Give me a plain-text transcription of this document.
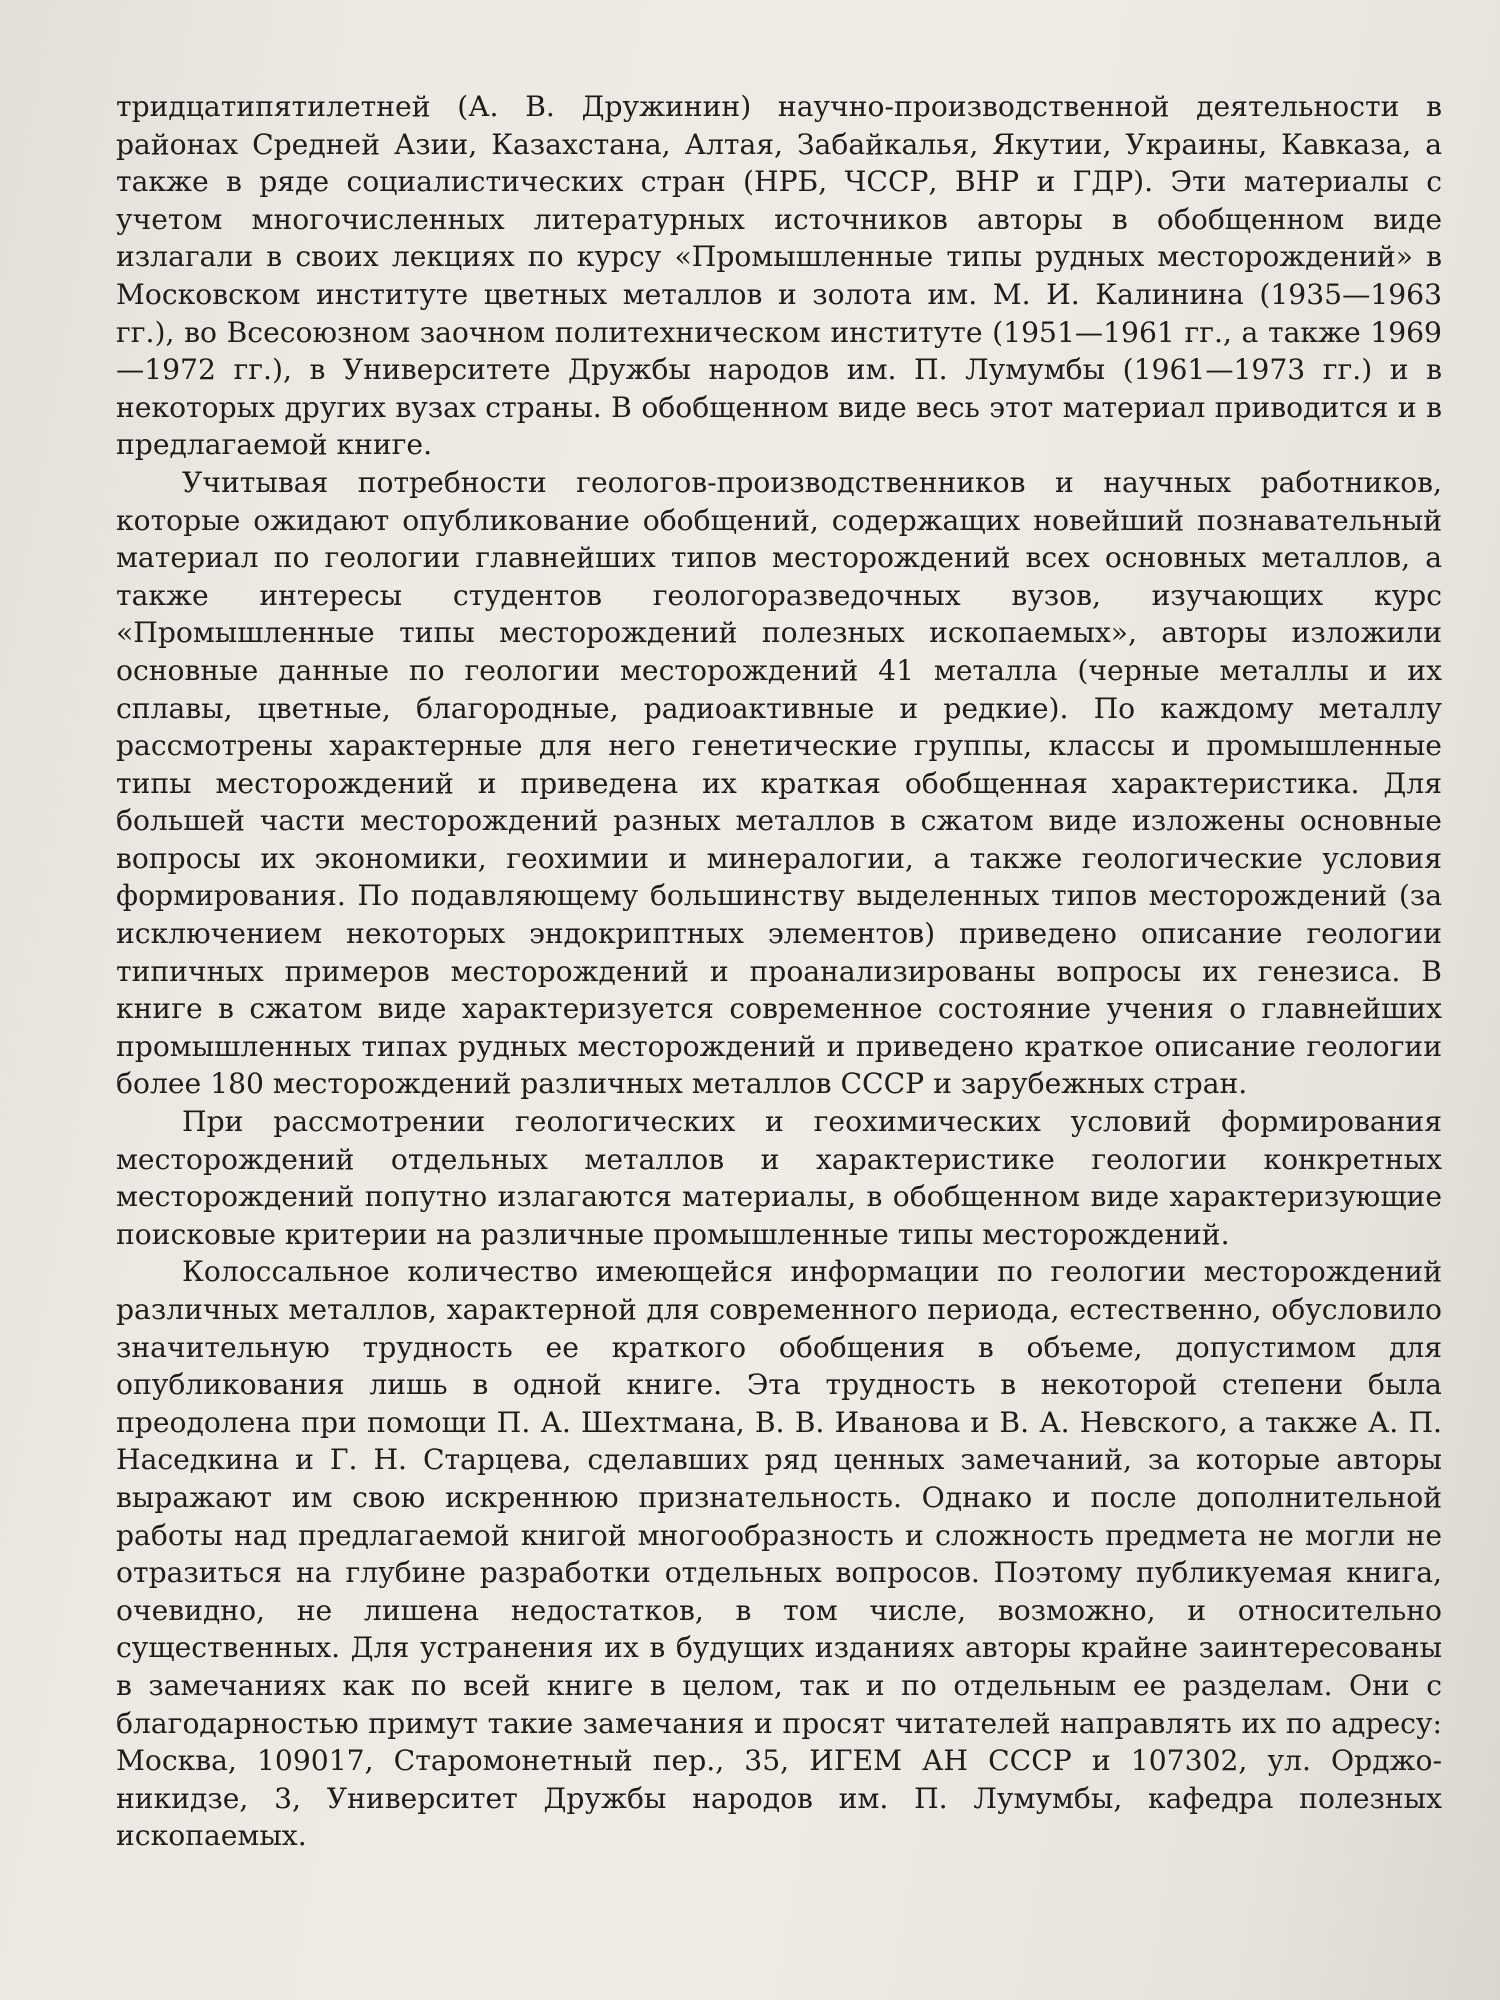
тридцатипятилетней (А. В. Дружинин) научно-производственной деятельности в районах Средней Азии, Казахстана, Алтая, Забайкалья, Якутии, Украины, Кавказа, а также в ряде социалистических стран (НРБ, ЧССР, ВНР и ГДР). Эти материалы с учетом многочисленных литературных источников авторы в обобщенном виде излагали в своих лекциях по курсу «Промышленные типы рудных месторождений» в Московском институте цветных металлов и золота им. М. И. Калинина (1935—1963 гг.), во Всесоюзном заочном политехническом институте (1951—1961 гг., а также 1969—1972 гг.), в Университете Дружбы народов им. П. Лумумбы (1961—1973 гг.) и в некоторых других вузах страны. В обобщенном виде весь этот материал приводится и в предлагаемой книге.

Учитывая потребности геологов-производственников и научных работников, которые ожидают опубликование обобщений, содержащих новейший познавательный материал по геологии главнейших типов месторождений всех основных металлов, а также интересы студентов геологоразведочных вузов, изучающих курс «Промышленные типы месторождений полезных ископаемых», авторы изложили основные данные по геологии месторождений 41 металла (черные металлы и их сплавы, цветные, благородные, радиоактивные и редкие). По каждому металлу рассмотрены характерные для него генетические группы, классы и промышленные типы месторождений и приведена их краткая обобщенная характеристика. Для большей части месторождений разных металлов в сжатом виде изложены основные вопросы их экономики, геохимии и минералогии, а также геологические условия формирования. По подавляющему большинству выделенных типов месторождений (за исключением некоторых эндокриптных элементов) приведено описание геологии типичных примеров месторождений и проанализированы вопросы их генезиса. В книге в сжатом виде характеризуется современное состояние учения о главнейших промышленных типах рудных месторождений и приведено краткое описание геологии более 180 месторождений различных металлов СССР и зарубежных стран.

При рассмотрении геологических и геохимических условий формирования месторождений отдельных металлов и характеристике геологии конкретных месторождений попутно излагаются материалы, в обобщенном виде характеризующие поисковые критерии на различные промышленные типы месторождений.

Колоссальное количество имеющейся информации по геологии месторождений различных металлов, характерной для современного периода, естественно, обусловило значительную трудность ее краткого обобщения в объеме, допустимом для опубликования лишь в одной книге. Эта трудность в некоторой степени была преодолена при помощи П. А. Шехтмана, В. В. Иванова и В. А. Невского, а также А. П. Наседкина и Г. Н. Старцева, сделавших ряд ценных замечаний, за которые авторы выражают им свою искреннюю признательность. Однако и после дополнительной работы над предлагаемой книгой многообразность и сложность предмета не могли не отразиться на глубине разработки отдельных вопросов. Поэтому публикуемая книга, очевидно, не лишена недостатков, в том числе, возможно, и относительно существенных. Для устранения их в будущих изданиях авторы крайне заинтересованы в замечаниях как по всей книге в целом, так и по отдельным ее разделам. Они с благодарностью примут такие замечания и просят читателей направлять их по адресу: Москва, 109017, Старомонетный пер., 35, ИГЕМ АН СССР и 107302, ул. Орджоникидзе, 3, Университет Дружбы народов им. П. Лумумбы, кафедра полезных ископаемых.
